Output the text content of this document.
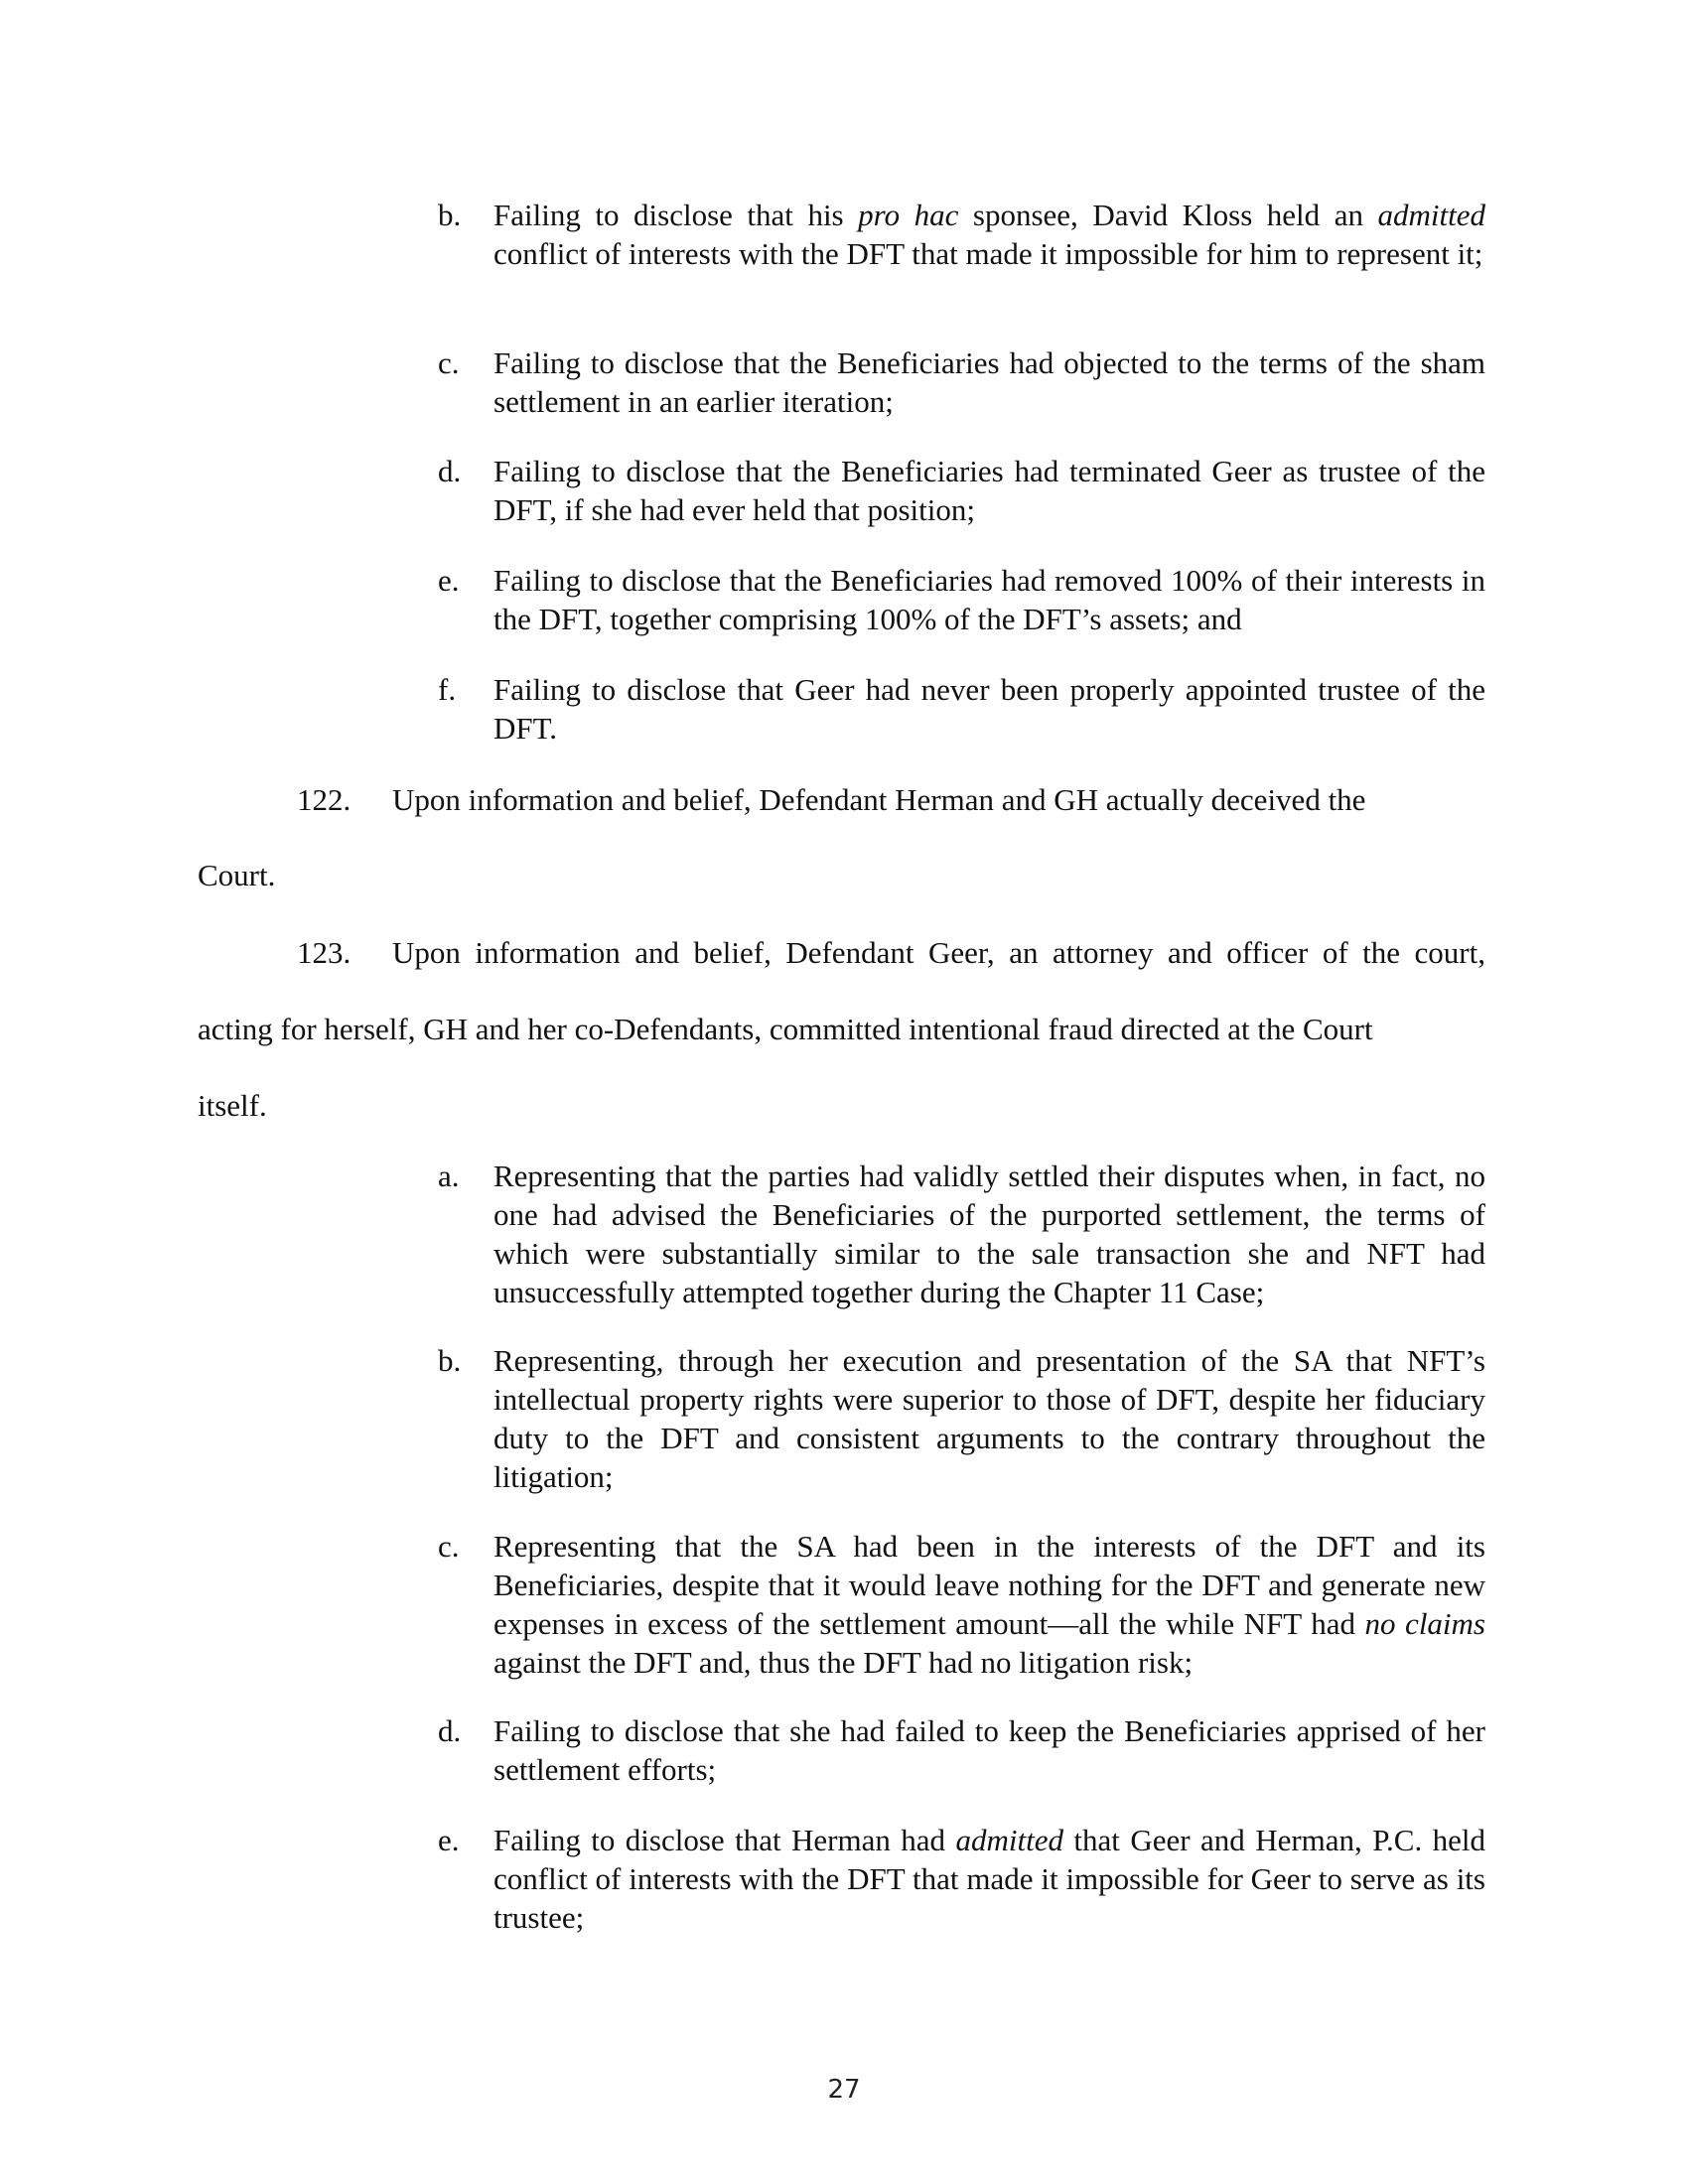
b.	Failing to disclose that his pro hac sponsee, David Kloss held an admitted conflict of interests with the DFT that made it impossible for him to represent it;
c.	Failing to disclose that the Beneficiaries had objected to the terms of the sham settlement in an earlier iteration;
d.	Failing to disclose that the Beneficiaries had terminated Geer as trustee of the DFT, if she had ever held that position;
e.	Failing to disclose that the Beneficiaries had removed 100% of their interests in the DFT, together comprising 100% of the DFT’s assets; and
f.	Failing to disclose that Geer had never been properly appointed trustee of the DFT.
122. Upon information and belief, Defendant Herman and GH actually deceived the
Court.
123. Upon information and belief, Defendant Geer, an attorney and officer of the court, acting for herself, GH and her co-Defendants, committed intentional fraud directed at the Court
itself.
a.	Representing that the parties had validly settled their disputes when, in fact, no one had advised the Beneficiaries of the purported settlement, the terms of which were substantially similar to the sale transaction she and NFT had unsuccessfully attempted together during the Chapter 11 Case;
b.	Representing, through her execution and presentation of the SA that NFT’s intellectual property rights were superior to those of DFT, despite her fiduciary duty to the DFT and consistent arguments to the contrary throughout the litigation;
c.	Representing that the SA had been in the interests of the DFT and its Beneficiaries, despite that it would leave nothing for the DFT and generate new expenses in excess of the settlement amount—all the while NFT had no claims against the DFT and, thus the DFT had no litigation risk;
d.	Failing to disclose that she had failed to keep the Beneficiaries apprised of her settlement efforts;
e.	Failing to disclose that Herman had admitted that Geer and Herman, P.C. held conflict of interests with the DFT that made it impossible for Geer to serve as its trustee;
27
